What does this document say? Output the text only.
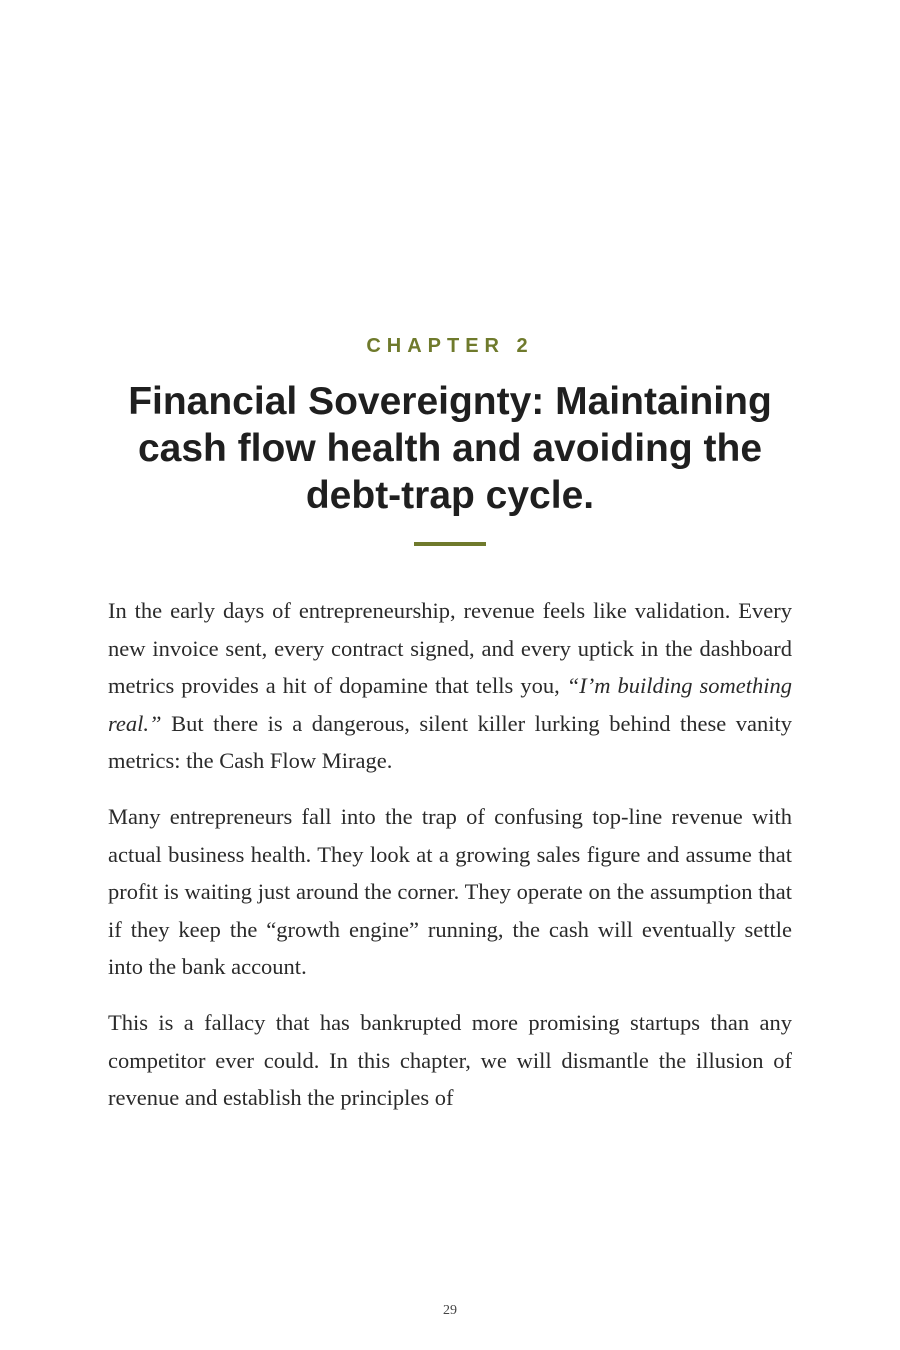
CHAPTER 2
Financial Sovereignty: Maintaining cash flow health and avoiding the debt-trap cycle.

In the early days of entrepreneurship, revenue feels like validation. Every new invoice sent, every contract signed, and every uptick in the dashboard metrics provides a hit of dopamine that tells you, “I’m building something real.” But there is a dangerous, silent killer lurking behind these vanity metrics: the Cash Flow Mirage.

Many entrepreneurs fall into the trap of confusing top-line revenue with actual business health. They look at a growing sales figure and assume that profit is waiting just around the corner. They operate on the assumption that if they keep the “growth engine” running, the cash will eventually settle into the bank account.

This is a fallacy that has bankrupted more promising startups than any competitor ever could. In this chapter, we will dismantle the illusion of revenue and establish the principles of

29
